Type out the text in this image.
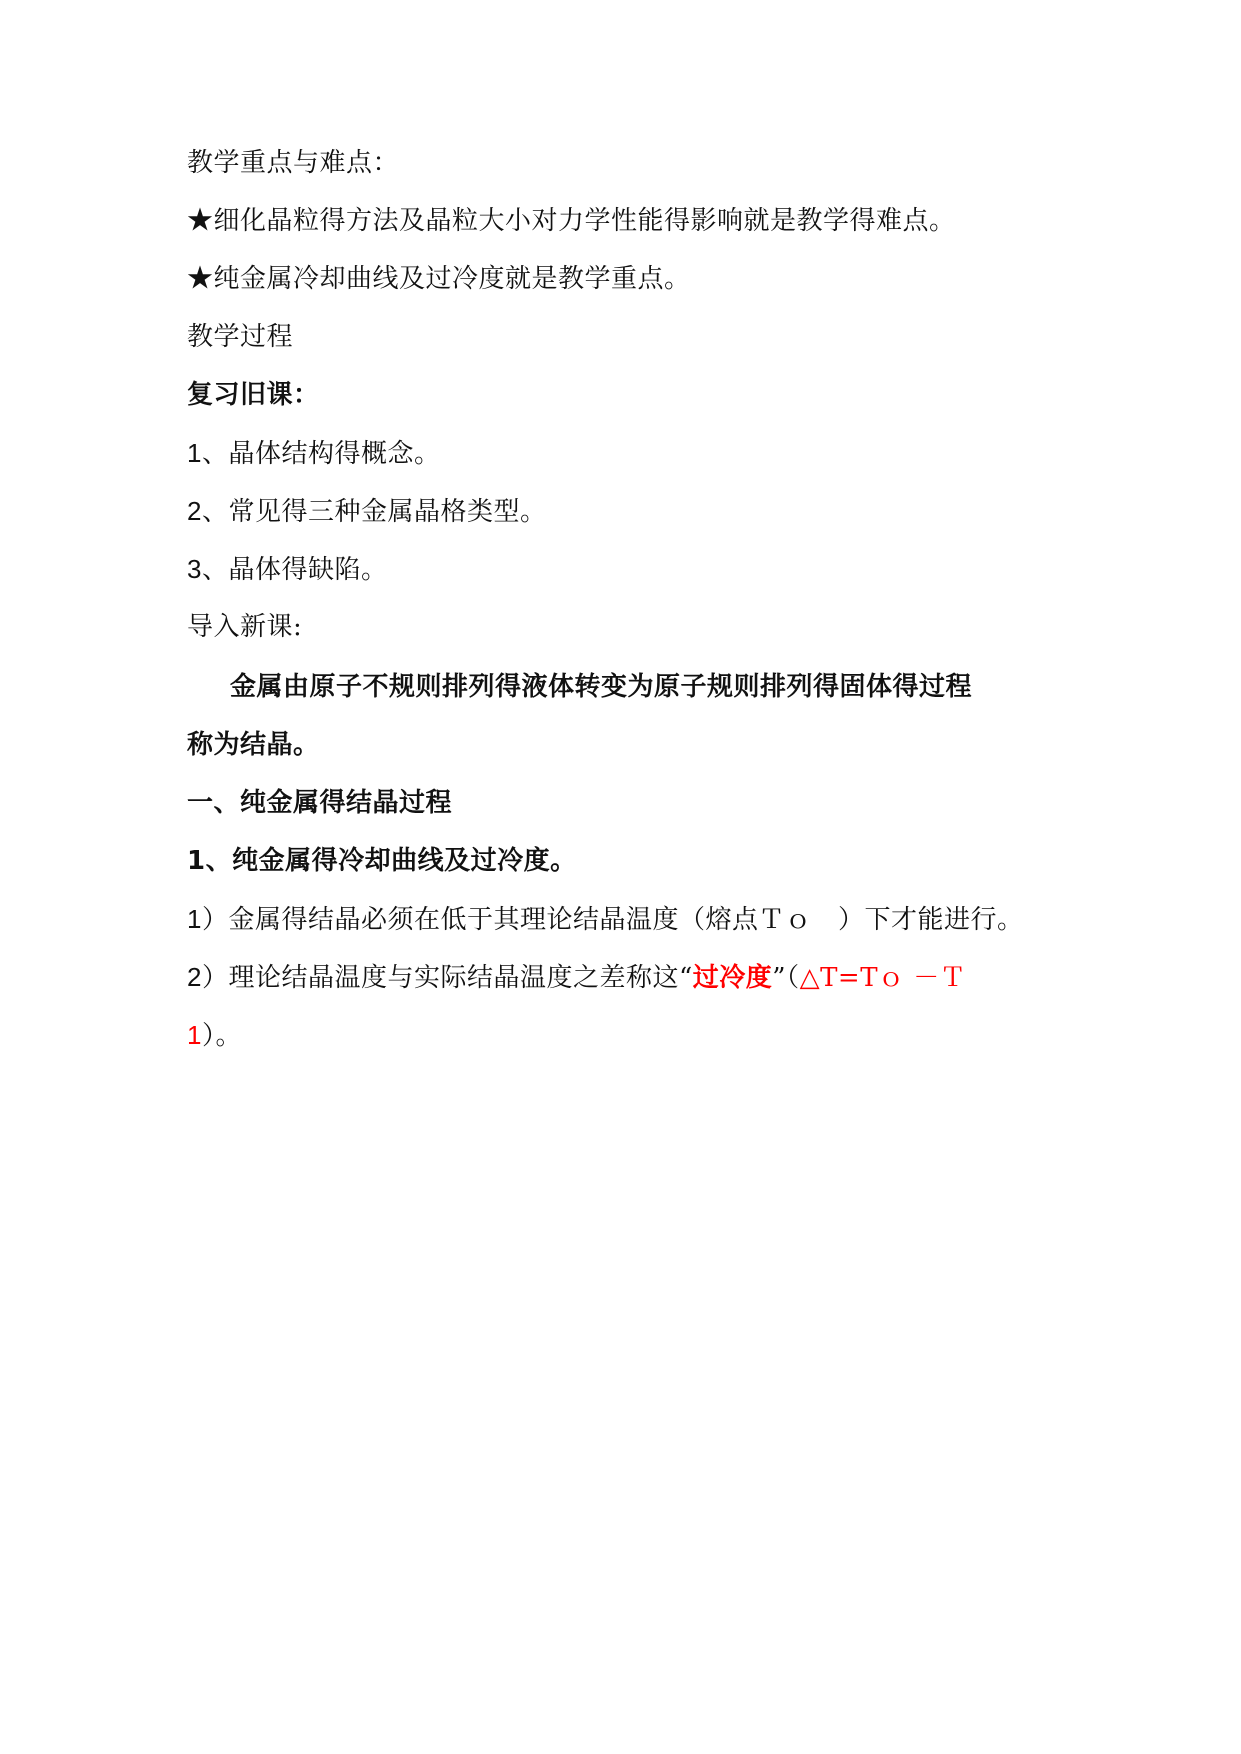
教学重点与难点：
★细化晶粒得方法及晶粒大小对力学性能得影响就是教学得难点。
★纯金属冷却曲线及过冷度就是教学重点。
教学过程
复习旧课：
1、晶体结构得概念。
2、常见得三种金属晶格类型。
3、晶体得缺陷。
导入新课:
金属由原子不规则排列得液体转变为原子规则排列得固体得过程
称为结晶。
一、纯金属得结晶过程
1、纯金属得冷却曲线及过冷度。
1）金属得结晶必须在低于其理论结晶温度（熔点Ｔｏ　）下才能进行。
2）理论结晶温度与实际结晶温度之差称这“过冷度”（△T=Tｏ －Ｔ
1）。
